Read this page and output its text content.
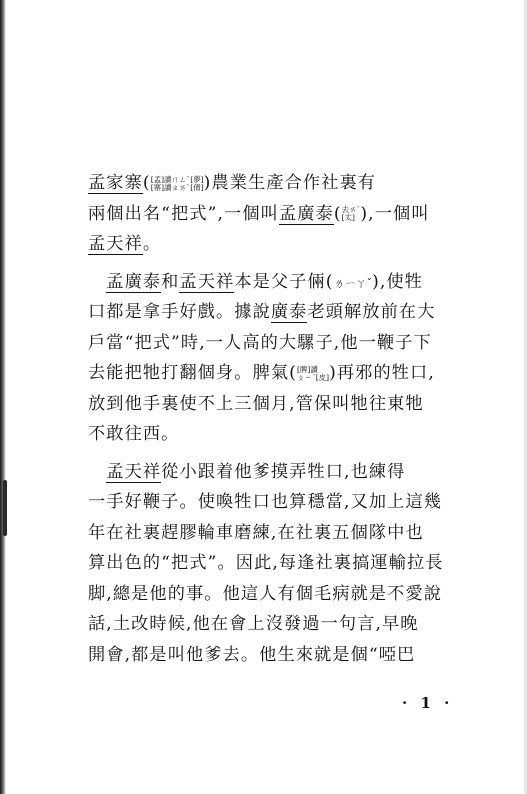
孟家寨( [孟]讀ㄇㄥˋ[夢]
[寨]讀ㄓㄞˋ[債] )農業生產合作社裏有
兩個出名“把式”,一個叫孟廣泰( 去ㄞˋ
[太] ),一個叫
孟天祥。
　孟廣泰和孟天祥本是父子倆(ㄌㄧㄚˇ),使牲
口都是拿手好戲。據說廣泰老頭解放前在大
戶當“把式”時,一人高的大騾子,他一鞭子下
去能把牠打翻個身。脾氣( [脾]讀
ㄆㄧˊ[皮] )再邪的牲口,
放到他手裏使不上三個月,管保叫牠往東牠
不敢往西。
　孟天祥從小跟着他爹摸弄牲口,也練得
一手好鞭子。使喚牲口也算穩當,又加上這幾
年在社裏趕膠輪車磨練,在社裏五個隊中也
算出色的“把式”。因此,每逢社裏搞運輸拉長
脚,總是他的事。他這人有個毛病就是不愛說
話,土改時候,他在會上沒發過一句言,早晚
開會,都是叫他爹去。他生來就是個“啞巴
· 1 ·
